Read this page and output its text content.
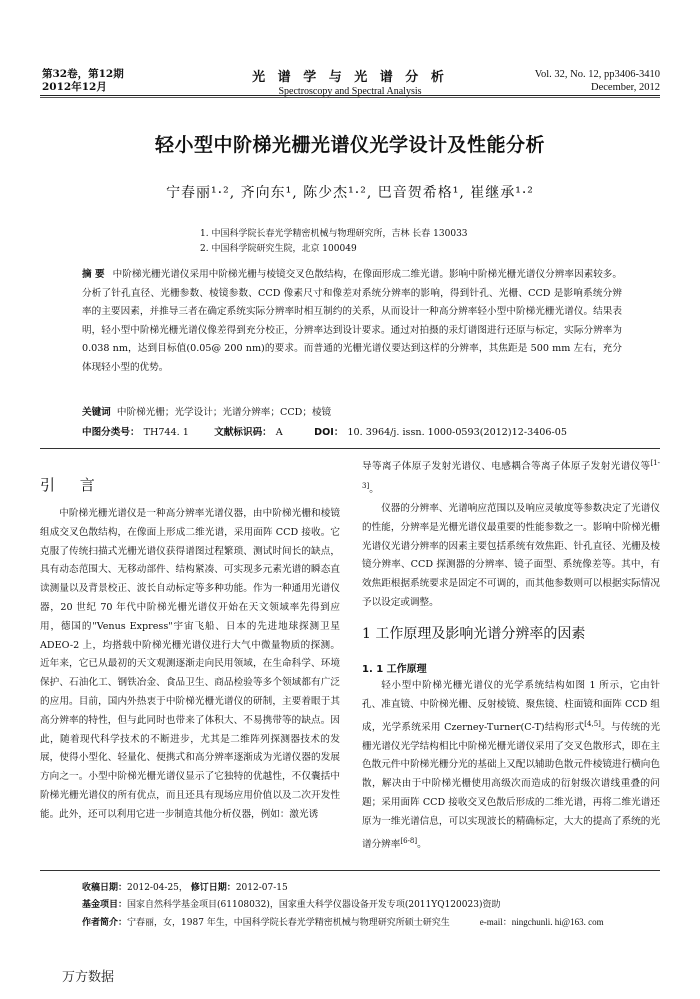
第32卷，第12期
2012年12月
光 谱 学 与 光 谱 分 析
Spectroscopy and Spectral Analysis
Vol. 32, No. 12, pp3406-3410
December, 2012
轻小型中阶梯光栅光谱仪光学设计及性能分析
宁春丽¹·², 齐向东¹, 陈少杰¹·², 巴音贺希格¹, 崔继承¹·²
1. 中国科学院长春光学精密机械与物理研究所，吉林 长春 130033
2. 中国科学院研究生院，北京 100049
摘 要 中阶梯光栅光谱仪采用中阶梯光栅与棱镜交叉色散结构，在像面形成二维光谱。影响中阶梯光栅光谱仪分辨率因素较多。分析了针孔直径、光栅参数、棱镜参数、CCD 像素尺寸和像差对系统分辨率的影响，得到针孔、光栅、CCD 是影响系统分辨率的主要因素，并推导三者在确定系统实际分辨率时相互制约的关系，从而设计一种高分辨率轻小型中阶梯光栅光谱仪。结果表明，轻小型中阶梯光栅光谱仪像差得到充分校正，分辨率达到设计要求。通过对拍摄的汞灯谱图进行还原与标定，实际分辨率为 0.038 nm，达到目标值(0.05@ 200 nm)的要求。而普通的光栅光谱仪要达到这样的分辨率，其焦距是 500 mm 左右，充分体现轻小型的优势。
关键词 中阶梯光栅；光学设计；光谱分辨率；CCD；棱镜
中图分类号： TH744. 1	文献标识码： A	DOI： 10. 3964/j. issn. 1000-0593(2012)12-3406-05
引 言

中阶梯光栅光谱仪是一种高分辨率光谱仪器，由中阶梯光栅和棱镜组成交叉色散结构，在像面上形成二维光谱，采用面阵 CCD 接收。它克服了传统扫描式光栅光谱仪获得谱图过程繁琐、测试时间长的缺点，具有动态范围大、无移动部件、结构紧凑、可实现多元素光谱的瞬态直读测量以及背景校正、波长自动标定等多种功能。作为一种通用光谱仪器，20 世纪 70 年代中阶梯光栅光谱仪开始在天文领域率先得到应用，德国的"Venus Express"宇宙飞船、日本的先进地球探测卫星 ADEO-2 上，均搭载中阶梯光栅光谱仪进行大气中微量物质的探测。近年来，它已从最初的天文观测逐渐走向民用领域，在生命科学、环境保护、石油化工、钢铁冶金、食品卫生、商品检验等多个领域都有广泛的应用。目前，国内外热衷于中阶梯光栅光谱仪的研制，主要着眼于其高分辨率的特性，但与此同时也带来了体积大、不易携带等的缺点。因此，随着现代科学技术的不断进步，尤其是二维阵列探测器技术的发展，使得小型化、轻量化、便携式和高分辨率逐渐成为光谱仪器的发展方向之一。小型中阶梯光栅光谱仪显示了它独特的优越性，不仅囊括中阶梯光栅光谱仪的所有优点，而且还具有现场应用价值以及二次开发性能。此外，还可以利用它进一步制造其他分析仪器，例如：激光诱

导等离子体原子发射光谱仪、电感耦合等离子体原子发射光谱仪等[1-3]。

仪器的分辨率、光谱响应范围以及响应灵敏度等参数决定了光谱仪的性能，分辨率是光栅光谱仪最重要的性能参数之一。影响中阶梯光栅光谱仪光谱分辨率的因素主要包括系统有效焦距、针孔直径、光栅及棱镜分辨率、CCD 探测器的分辨率、镜子面型、系统像差等。其中，有效焦距根据系统要求是固定不可调的，而其他参数则可以根据实际情况予以设定或调整。

1 工作原理及影响光谱分辨率的因素
1. 1 工作原理

轻小型中阶梯光栅光谱仪的光学系统结构如图 1 所示，它由针孔、准直镜、中阶梯光栅、反射棱镜、聚焦镜、柱面镜和面阵 CCD 组成，光学系统采用 Czerney-Turner(C-T)结构形式[4,5]。与传统的光栅光谱仪光学结构相比中阶梯光栅光谱仪采用了交叉色散形式，即在主色散元件中阶梯光栅分光的基础上又配以辅助色散元件棱镜进行横向色散，解决由于中阶梯光栅使用高级次而造成的衍射级次谱线重叠的问题；采用面阵 CCD 接收交叉色散后形成的二维光谱，再将二维光谱还原为一维光谱信息，可以实现波长的精确标定，大大的提高了系统的光谱分辨率[6-8]。

收稿日期：2012-04-25， 修订日期：2012-07-15
基金项目：国家自然科学基金项目(61108032)，国家重大科学仪器设备开发专项(2011YQ120023)资助
作者简介：宁春丽，女，1987 年生，中国科学院长春光学精密机械与物理研究所硕士研究生	e-mail：ningchunli. hi@163. com
万方数据
